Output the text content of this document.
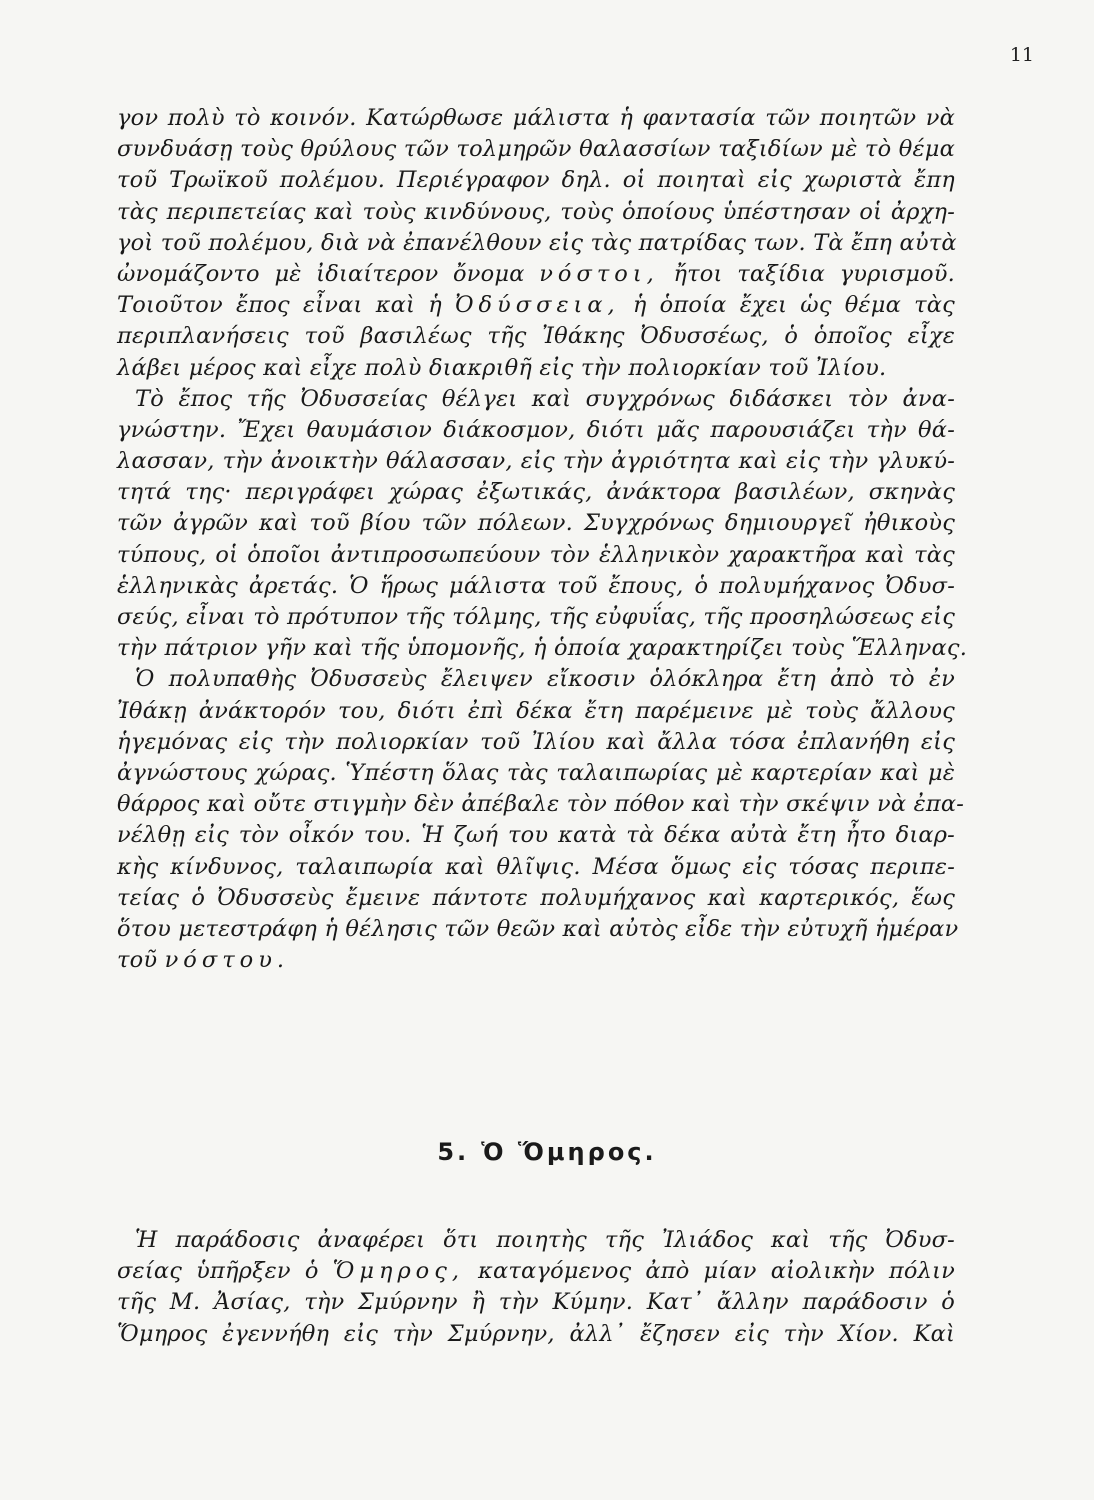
11
γον πολὺ τὸ κοινόν. Κατώρθωσε μάλιστα ἡ φαντασία τῶν ποιητῶν νὰ
συνδυάσῃ τοὺς θρύλους τῶν τολμηρῶν θαλασσίων ταξιδίων μὲ τὸ θέμα
τοῦ Τρωϊκοῦ πολέμου. Περιέγραφον δηλ. οἱ ποιηταὶ εἰς χωριστὰ ἔπη
τὰς περιπετείας καὶ τοὺς κινδύνους, τοὺς ὁποίους ὑπέστησαν οἱ ἀρχη-
γοὶ τοῦ πολέμου, διὰ νὰ ἐπανέλθουν εἰς τὰς πατρίδας των. Τὰ ἔπη αὐτὰ
ὠνομάζοντο μὲ ἰδιαίτερον ὄνομα νόστοι, ἤτοι ταξίδια γυρισμοῦ.
Τοιοῦτον ἔπος εἶναι καὶ ἡ Ὀδύσσεια, ἡ ὁποία ἔχει ὡς θέμα τὰς
περιπλανήσεις τοῦ βασιλέως τῆς Ἰθάκης Ὀδυσσέως, ὁ ὁποῖος εἶχε
λάβει μέρος καὶ εἶχε πολὺ διακριθῆ εἰς τὴν πολιορκίαν τοῦ Ἰλίου.
Τὸ ἔπος τῆς Ὀδυσσείας θέλγει καὶ συγχρόνως διδάσκει τὸν ἀνα-
γνώστην. Ἔχει θαυμάσιον διάκοσμον, διότι μᾶς παρουσιάζει τὴν θά-
λασσαν, τὴν ἀνοικτὴν θάλασσαν, εἰς τὴν ἀγριότητα καὶ εἰς τὴν γλυκύ-
τητά της· περιγράφει χώρας ἐξωτικάς, ἀνάκτορα βασιλέων, σκηνὰς
τῶν ἀγρῶν καὶ τοῦ βίου τῶν πόλεων. Συγχρόνως δημιουργεῖ ἠθικοὺς
τύπους, οἱ ὁποῖοι ἀντιπροσωπεύουν τὸν ἑλληνικὸν χαρακτῆρα καὶ τὰς
ἑλληνικὰς ἀρετάς. Ὁ ἥρως μάλιστα τοῦ ἔπους, ὁ πολυμήχανος Ὀδυσ-
σεύς, εἶναι τὸ πρότυπον τῆς τόλμης, τῆς εὐφυΐας, τῆς προσηλώσεως εἰς
τὴν πάτριον γῆν καὶ τῆς ὑπομονῆς, ἡ ὁποία χαρακτηρίζει τοὺς Ἕλληνας.
Ὁ πολυπαθὴς Ὀδυσσεὺς ἔλειψεν εἴκοσιν ὁλόκληρα ἔτη ἀπὸ τὸ ἐν
Ἰθάκῃ ἀνάκτορόν του, διότι ἐπὶ δέκα ἔτη παρέμεινε μὲ τοὺς ἄλλους
ἡγεμόνας εἰς τὴν πολιορκίαν τοῦ Ἰλίου καὶ ἄλλα τόσα ἐπλανήθη εἰς
ἀγνώστους χώρας. Ὑπέστη ὅλας τὰς ταλαιπωρίας μὲ καρτερίαν καὶ μὲ
θάρρος καὶ οὔτε στιγμὴν δὲν ἀπέβαλε τὸν πόθον καὶ τὴν σκέψιν νὰ ἐπα-
νέλθῃ εἰς τὸν οἶκόν του. Ἡ ζωή του κατὰ τὰ δέκα αὐτὰ ἔτη ἦτο διαρ-
κὴς κίνδυνος, ταλαιπωρία καὶ θλῖψις. Μέσα ὅμως εἰς τόσας περιπε-
τείας ὁ Ὀδυσσεὺς ἔμεινε πάντοτε πολυμήχανος καὶ καρτερικός, ἕως
ὅτου μετεστράφη ἡ θέλησις τῶν θεῶν καὶ αὐτὸς εἶδε τὴν εὐτυχῆ ἡμέραν
τοῦ νόστου.
5. Ὁ Ὅμηρος.
Ἡ παράδοσις ἀναφέρει ὅτι ποιητὴς τῆς Ἰλιάδος καὶ τῆς Ὀδυσ-
σείας ὑπῆρξεν ὁ Ὅμηρος, καταγόμενος ἀπὸ μίαν αἰολικὴν πόλιν
τῆς Μ. Ἀσίας, τὴν Σμύρνην ἢ τὴν Κύμην. Κατ᾽ ἄλλην παράδοσιν ὁ
Ὅμηρος ἐγεννήθη εἰς τὴν Σμύρνην, ἀλλ᾽ ἔζησεν εἰς τὴν Χίον. Καὶ
